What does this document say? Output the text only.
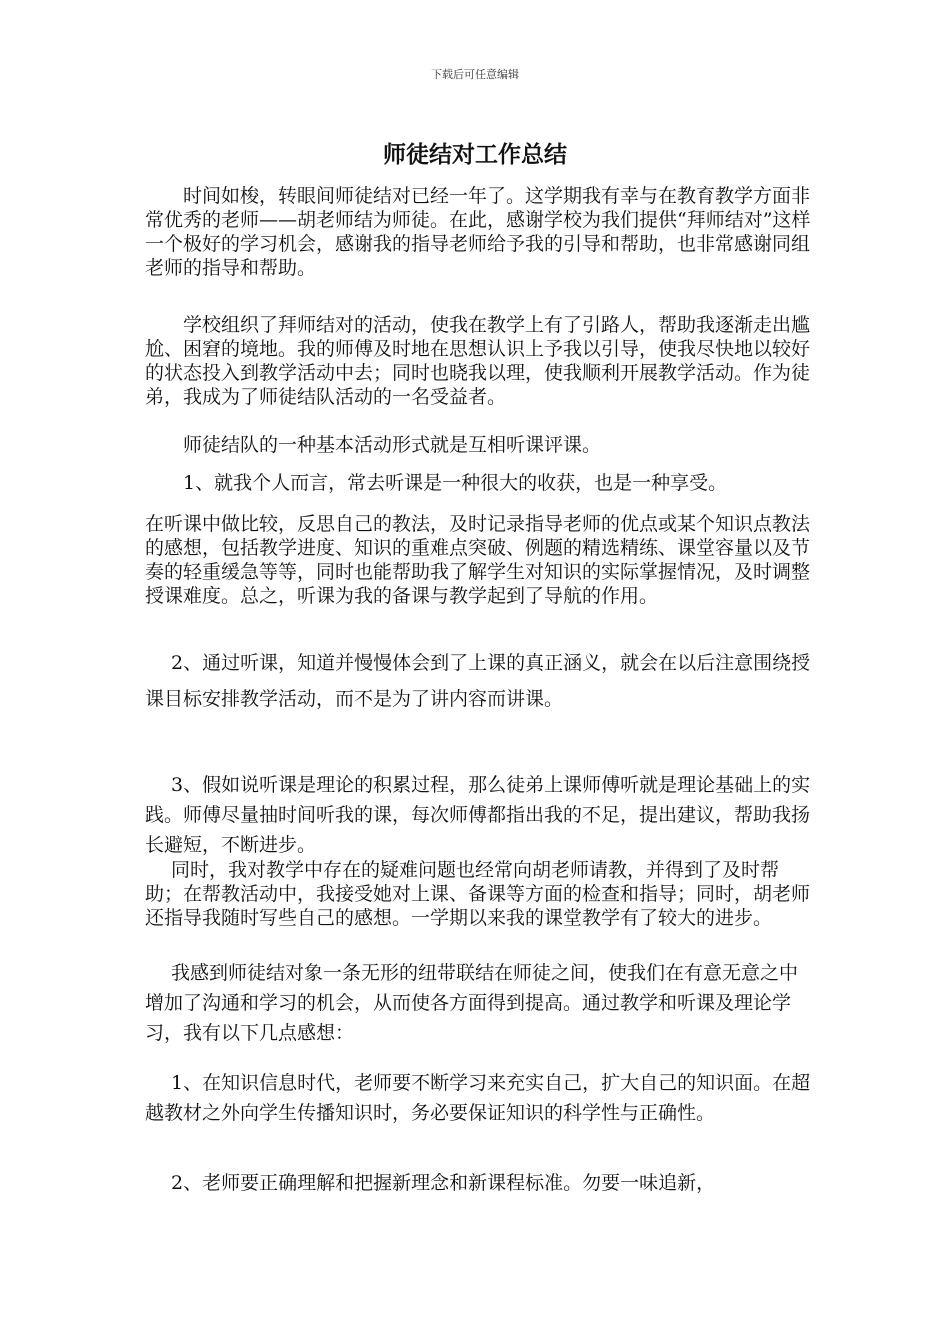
下载后可任意编辑
师徒结对工作总结

时间如梭，转眼间师徒结对已经一年了。这学期我有幸与在教育教学方面非常优秀的老师——胡老师结为师徒。在此，感谢学校为我们提供“拜师结对”这样一个极好的学习机会，感谢我的指导老师给予我的引导和帮助，也非常感谢同组老师的指导和帮助。

学校组织了拜师结对的活动，使我在教学上有了引路人，帮助我逐渐走出尴尬、困窘的境地。我的师傅及时地在思想认识上予我以引导，使我尽快地以较好的状态投入到教学活动中去；同时也晓我以理，使我顺利开展教学活动。作为徒弟，我成为了师徒结队活动的一名受益者。

师徒结队的一种基本活动形式就是互相听课评课。

1、就我个人而言，常去听课是一种很大的收获，也是一种享受。

在听课中做比较，反思自己的教法，及时记录指导老师的优点或某个知识点教法的感想，包括教学进度、知识的重难点突破、例题的精选精练、课堂容量以及节奏的轻重缓急等等，同时也能帮助我了解学生对知识的实际掌握情况，及时调整授课难度。总之，听课为我的备课与教学起到了导航的作用。

2、通过听课，知道并慢慢体会到了上课的真正涵义，就会在以后注意围绕授课目标安排教学活动，而不是为了讲内容而讲课。

3、假如说听课是理论的积累过程，那么徒弟上课师傅听就是理论基础上的实践。师傅尽量抽时间听我的课，每次师傅都指出我的不足，提出建议，帮助我扬长避短，不断进步。

同时，我对教学中存在的疑难问题也经常向胡老师请教，并得到了及时帮助；在帮教活动中，我接受她对上课、备课等方面的检查和指导；同时，胡老师还指导我随时写些自己的感想。一学期以来我的课堂教学有了较大的进步。

我感到师徒结对象一条无形的纽带联结在师徒之间，使我们在有意无意之中增加了沟通和学习的机会，从而使各方面得到提高。通过教学和听课及理论学习，我有以下几点感想：

1、在知识信息时代，老师要不断学习来充实自己，扩大自己的知识面。在超越教材之外向学生传播知识时，务必要保证知识的科学性与正确性。

2、老师要正确理解和把握新理念和新课程标准。勿要一味追新，
